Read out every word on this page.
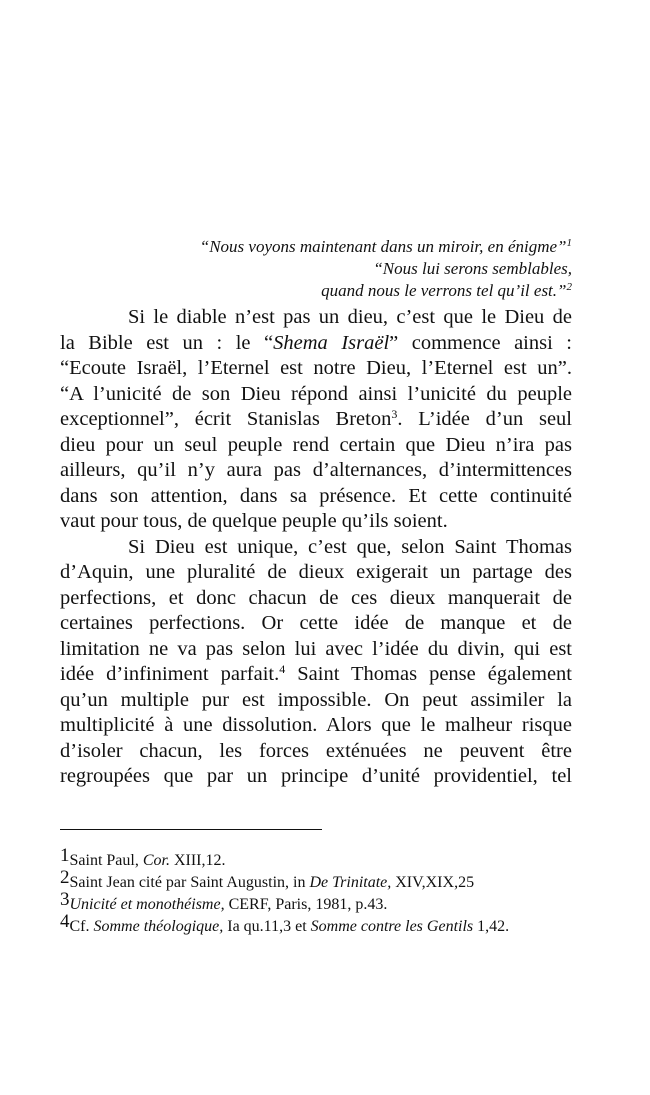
“Nous voyons maintenant dans un miroir, en énigme”$^1$
“Nous lui serons semblables,
quand nous le verrons tel qu’il est.”$^2$
Si le diable n’est pas un dieu, c’est que le Dieu de
la Bible est un : le “Shema Israël” commence ainsi :
“Ecoute Israël, l’Eternel est notre Dieu, l’Eternel est un”.
“A l’unicité de son Dieu répond ainsi l’unicité du peuple
exceptionnel”, écrit Stanislas Breton$^3$. L’idée d’un seul
dieu pour un seul peuple rend certain que Dieu n’ira pas
ailleurs, qu’il n’y aura pas d’alternances, d’intermittences
dans son attention, dans sa présence. Et cette continuité
vaut pour tous, de quelque peuple qu’ils soient.
Si Dieu est unique, c’est que, selon Saint Thomas
d’Aquin, une pluralité de dieux exigerait un partage des
perfections, et donc chacun de ces dieux manquerait de
certaines perfections. Or cette idée de manque et de
limitation ne va pas selon lui avec l’idée du divin, qui est
idée d’infiniment parfait.$^4$ Saint Thomas pense également
qu’un multiple pur est impossible. On peut assimiler la
multiplicité à une dissolution. Alors que le malheur risque
d’isoler chacun, les forces exténuées ne peuvent être
regroupées que par un principe d’unité providentiel, tel
1Saint Paul, Cor. XIII,12.
2Saint Jean cité par Saint Augustin, in De Trinitate, XIV,XIX,25
3Unicité et monothéisme, CERF, Paris, 1981, p.43.
4Cf. Somme théologique, Ia qu.11,3 et Somme contre les Gentils 1,42.
